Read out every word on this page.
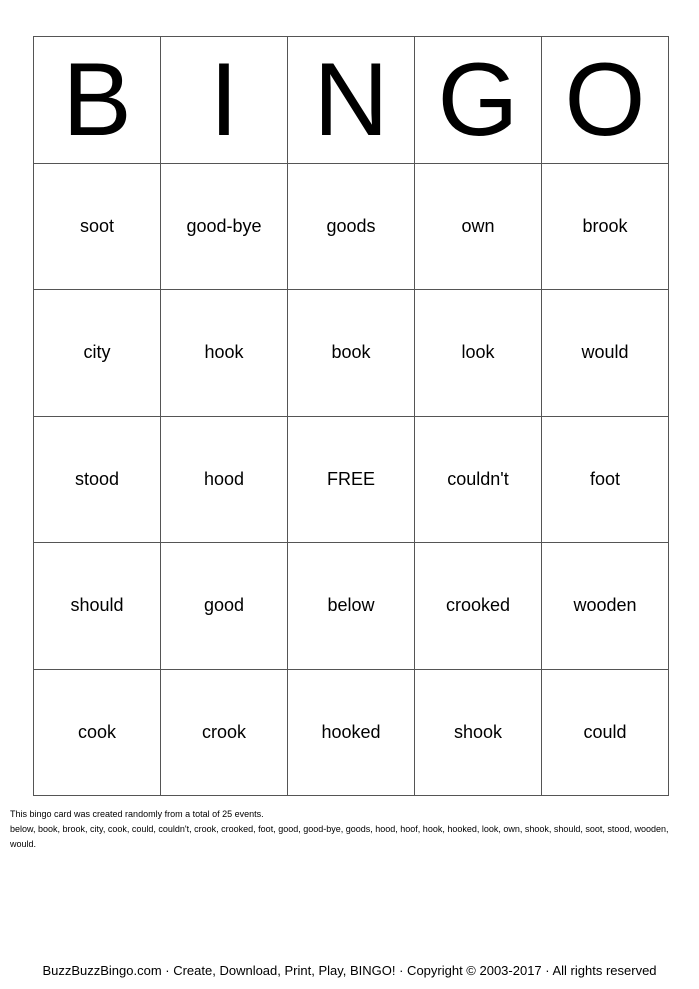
B	I	N	G	O
soot	good-bye	goods	own	brook
city	hook	book	look	would
stood	hood	FREE	couldn't	foot
should	good	below	crooked	wooden
cook	crook	hooked	shook	could
This bingo card was created randomly from a total of 25 events.
below, book, brook, city, cook, could, couldn't, crook, crooked, foot, good, good-bye, goods, hood, hoof, hook, hooked, look, own, shook, should, soot, stood, wooden, would.
BuzzBuzzBingo.com · Create, Download, Print, Play, BINGO! · Copyright © 2003-2017 · All rights reserved
